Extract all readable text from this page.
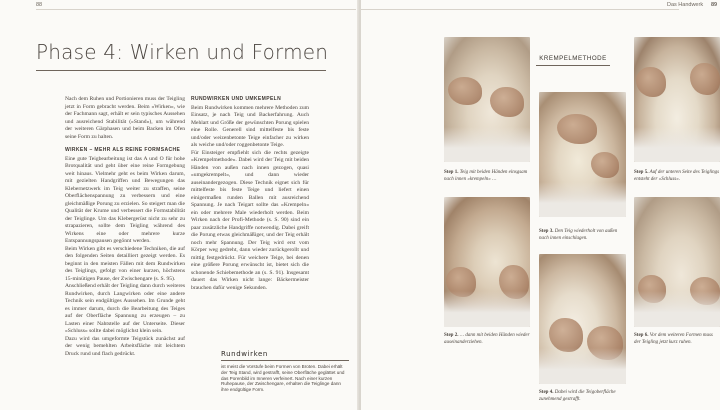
88
Phase 4: Wirken und Formen

Nach dem Ruhen und Portionieren muss der Teigling jetzt in Form gebracht werden. Beim »Wirken«, wie der Fachmann sagt, erhält er sein typisches Aussehen und ausreichend Stabilität (»Stand«), um während der weiteren Gärphasen und beim Backen im Ofen seine Form zu halten.

WIRKEN – MEHR ALS REINE FORMSACHE

Eine gute Teigbearbeitung ist das A und O für hohe Brotqualität und geht über eine reine Formgebung weit hinaus. Vielmehr geht es beim Wirken darum, mit gezielten Handgriffen und Bewegungen das Klebernetzwerk im Teig weiter zu straffen, seine Oberflächenspannung zu verbessern und eine gleichmäßige Porung zu erzielen. So steigert man die Qualität der Krume und verbessert die Formstabilität der Teiglinge. Um das Klebergerüst nicht zu sehr zu strapazieren, sollte dem Teigling während des Wirkens eine oder mehrere kurze Entspannungspausen gegönnt werden.

Beim Wirken gibt es verschiedene Techniken, die auf den folgenden Seiten detailliert gezeigt werden. Es beginnt in den meisten Fällen mit dem Rundwirken des Teiglings, gefolgt von einer kurzen, höchstens 15-minütigen Pause, der Zwischengare (s. S. 95).

Anschließend erhält der Teigling dann durch weiteres Rundwirken, durch Langwirken oder eine andere Technik sein endgültiges Aussehen. Im Grunde geht es immer darum, durch die Bearbeitung des Teiges auf der Oberfläche Spannung zu erzeugen – zu Lasten einer Nahtstelle auf der Unterseite. Dieser »Schluss« sollte dabei möglichst klein sein.

Dazu wird das umgeformte Teigstück zunächst auf der wenig bemehlten Arbeitsfläche mit leichtem Druck rund und flach gedrückt.

RUNDWIRKEN UND UMKEMPELN

Beim Rundwirken kommen mehrere Methoden zum Einsatz, je nach Teig und Backerfahrung. Auch Mehlart und Größe der gewünschten Porung spielen eine Rolle. Generell sind mittelfeste bis feste und/oder weizenbetonte Teige einfacher zu wirken als weiche und/oder roggenbetonte Teige.

Für Einsteiger empfiehlt sich die rechts gezeigte »Krempelmethode«. Dabei wird der Teig mit beiden Händen von außen nach innen gezogen, quasi »umgekrempelt«, und dann wieder auseinandergezogen. Diese Technik eignet sich für mittelfeste bis feste Teige und liefert einen einigermaßen runden Ballen mit ausreichend Spannung. Je nach Teigart sollte das »Krempeln« ein oder mehrere Male wiederholt werden. Beim Wirken nach der Profi-Methode (s. S. 90) sind ein paar zusätzliche Handgriffe notwendig. Dabei greift die Porung etwas gleichmäßiger, und der Teig erhält noch mehr Spannung. Der Teig wird erst vom Körper weg gedreht, dann wieder zurückgerollt und mittig festgedrückt. Für weichere Teige, bei denen eine größere Porung erwünscht ist, bietet sich die schonende Schiebemethode an (s. S. 91). Insgesamt dauert das Wirken nicht lange: Bäckermeister brauchen dafür wenige Sekunden.

Rundwirken
ist meist die Vorstufe beim Formen von Broten. Dabei erhält der Teig Stand, wird gestrafft, seine Oberfläche geglättet und das Porenbild im Inneren verfeinert. Nach einer kurzen Ruhepause, der Zwischengare, erhalten die Teiglinge dann ihre endgültige Form.
Das Handwerk 89
KREMPELMETHODE
Step 1. Teig mit beiden Händen einsgsam nach innen »krempeln« …
Step 2. … dann mit beiden Händen wieder auseinanderziehen.
Step 3. Den Teig wiederholt von außen nach innen einschlagen.
Step 4. Dabei wird die Teigoberfläche zunehmend gestrafft.
Step 5. Auf der unteren Seite des Teiglings entsteht der »Schluss«.
Step 6. Vor dem weiteren Formen muss der Teigling jetzt kurz ruhen.
